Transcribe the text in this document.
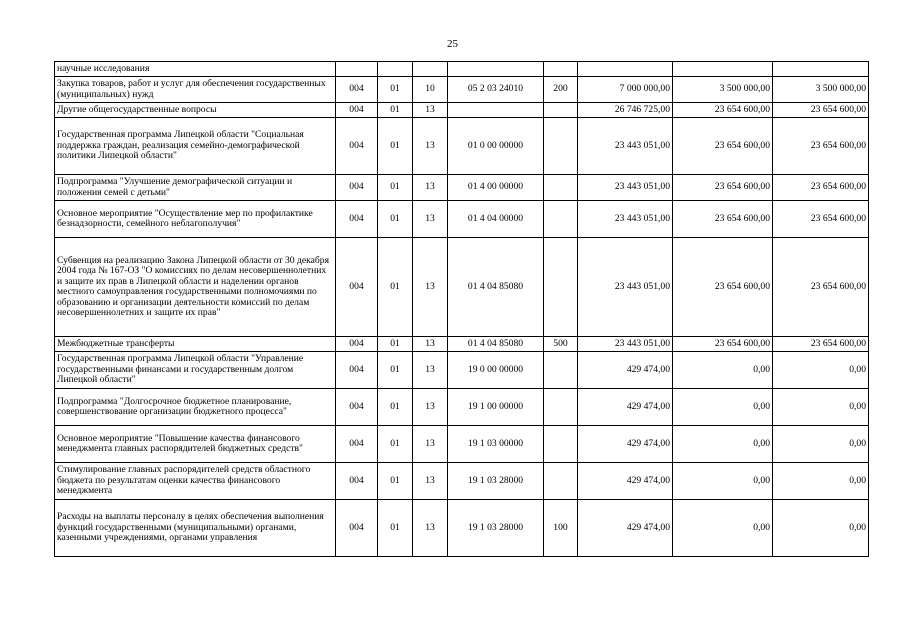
25
научные исследования								
Закупка товаров, работ и услуг для обеспечения государственных (муниципальных) нужд	004	01	10	05 2 03 24010	200	7 000 000,00	3 500 000,00	3 500 000,00
Другие общегосударственные вопросы	004	01	13			26 746 725,00	23 654 600,00	23 654 600,00
Государственная программа Липецкой области "Социальная поддержка граждан, реализация семейно-демографической политики Липецкой области"	004	01	13	01 0 00 00000		23 443 051,00	23 654 600,00	23 654 600,00
Подпрограмма "Улучшение демографической ситуации и положения семей с детьми"	004	01	13	01 4 00 00000		23 443 051,00	23 654 600,00	23 654 600,00
Основное мероприятие "Осуществление мер по профилактике безнадзорности, семейного неблагополучия"	004	01	13	01 4 04 00000		23 443 051,00	23 654 600,00	23 654 600,00
Субвенция на реализацию Закона Липецкой области от 30 декабря 2004 года № 167-ОЗ "О комиссиях по делам несовершеннолетних и защите их прав в Липецкой области и наделении органов местного самоуправления государственными полномочиями по образованию и организации деятельности комиссий по делам несовершеннолетних и защите их прав"	004	01	13	01 4 04 85080		23 443 051,00	23 654 600,00	23 654 600,00
Межбюджетные трансферты	004	01	13	01 4 04 85080	500	23 443 051,00	23 654 600,00	23 654 600,00
Государственная программа Липецкой области "Управление государственными финансами и государственным долгом Липецкой области"	004	01	13	19 0 00 00000		429 474,00	0,00	0,00
Подпрограмма "Долгосрочное бюджетное планирование, совершенствование организации бюджетного процесса"	004	01	13	19 1 00 00000		429 474,00	0,00	0,00
Основное мероприятие "Повышение качества финансового менеджмента главных распорядителей бюджетных средств"	004	01	13	19 1 03 00000		429 474,00	0,00	0,00
Стимулирование главных распорядителей средств областного бюджета по результатам оценки качества финансового менеджмента	004	01	13	19 1 03 28000		429 474,00	0,00	0,00
Расходы на выплаты персоналу в целях обеспечения выполнения функций государственными (муниципальными) органами, казенными учреждениями, органами управления	004	01	13	19 1 03 28000	100	429 474,00	0,00	0,00
